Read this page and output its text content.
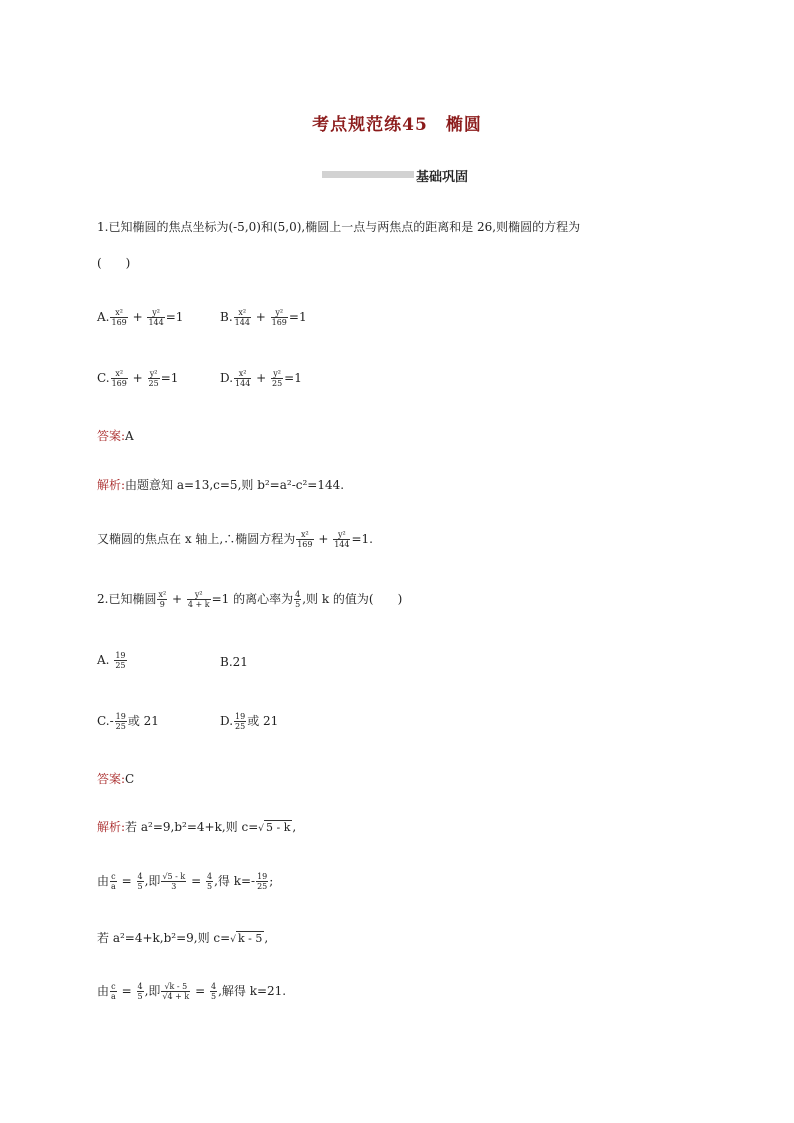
考点规范练45　椭圆
基础巩固
1.已知椭圆的焦点坐标为(-5,0)和(5,0),椭圆上一点与两焦点的距离和是 26,则椭圆的方程为
(　　)
A. $\frac{\text{x²}}{169} + \frac{\text{y²}}{144} =1$	B. $\frac{\text{x²}}{144} + \frac{\text{y²}}{169} =1$
C. $\frac{\text{x²}}{169} + \frac{\text{y²}}{25} =1$	D. $\frac{\text{x²}}{144} + \frac{\text{y²}}{25} =1$
答案:A
解析:由题意知 a=13,c=5,则 b²=a²-c²=144.
又椭圆的焦点在 x 轴上,∴椭圆方程为 $\frac{\text{x²}}{169} + \frac{\text{y²}}{144} =1$.
2.已知椭圆 $\frac{\text{x²}}{9} + \frac{\text{y²}}{4 + k} =1$ 的离心率为 $\frac{4}{5}$ ,则 k 的值为(　　)
A. $\frac{19}{25}$	B.21
$C.- \frac{19}{25}$ 或 21	D. $\frac{19}{25}$ 或 21
答案:C
解析:若 a²=9,b²=4+k,则 c=√ 5 - k ,
由 $\frac{c}{a} = \frac{4}{5}$ ,即 $\frac{√5 - k}{3} = \frac{4}{5}$ ,得 $k=- \frac{19}{25}$ ;
若 a²=4+k,b²=9,则 c=√ k - 5 ,
由 $\frac{c}{a} = \frac{4}{5}$ ,即 $\frac{√k - 5}{√4 + k} = \frac{4}{5}$ ,解得 k=21.
